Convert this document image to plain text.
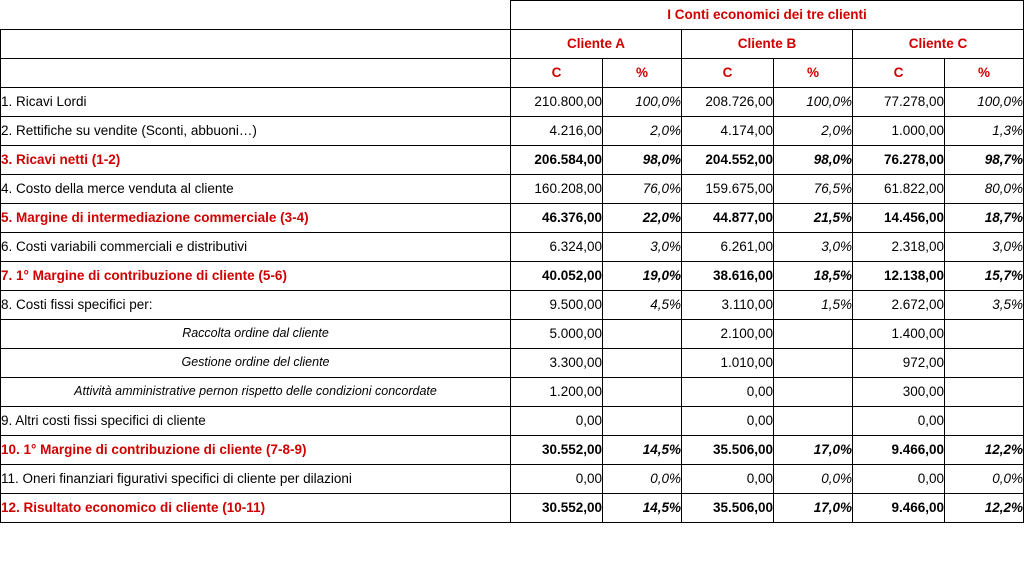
	I Conti economici dei tre clienti					
	Cliente A		Cliente B		Cliente C	
	C	%	C	%	C	%
1. Ricavi Lordi	210.800,00	100,0%	208.726,00	100,0%	77.278,00	100,0%
2. Rettifiche su vendite (Sconti, abbuoni…)	4.216,00	2,0%	4.174,00	2,0%	1.000,00	1,3%
3. Ricavi netti (1-2)	206.584,00	98,0%	204.552,00	98,0%	76.278,00	98,7%
4. Costo della merce venduta al cliente	160.208,00	76,0%	159.675,00	76,5%	61.822,00	80,0%
5. Margine di intermediazione commerciale (3-4)	46.376,00	22,0%	44.877,00	21,5%	14.456,00	18,7%
6. Costi variabili commerciali e distributivi	6.324,00	3,0%	6.261,00	3,0%	2.318,00	3,0%
7. 1° Margine di contribuzione di cliente (5-6)	40.052,00	19,0%	38.616,00	18,5%	12.138,00	15,7%
8. Costi fissi specifici per:	9.500,00	4,5%	3.110,00	1,5%	2.672,00	3,5%
Raccolta ordine dal cliente	5.000,00		2.100,00		1.400,00	
Gestione ordine del cliente	3.300,00		1.010,00		972,00	
Attività amministrative pernon rispetto delle condizioni concordate	1.200,00		0,00		300,00	
9. Altri costi fissi specifici di cliente	0,00		0,00		0,00	
10. 1° Margine di contribuzione di cliente (7-8-9)	30.552,00	14,5%	35.506,00	17,0%	9.466,00	12,2%
11. Oneri finanziari figurativi specifici di cliente per dilazioni	0,00	0,0%	0,00	0,0%	0,00	0,0%
12. Risultato economico di cliente (10-11)	30.552,00	14,5%	35.506,00	17,0%	9.466,00	12,2%
